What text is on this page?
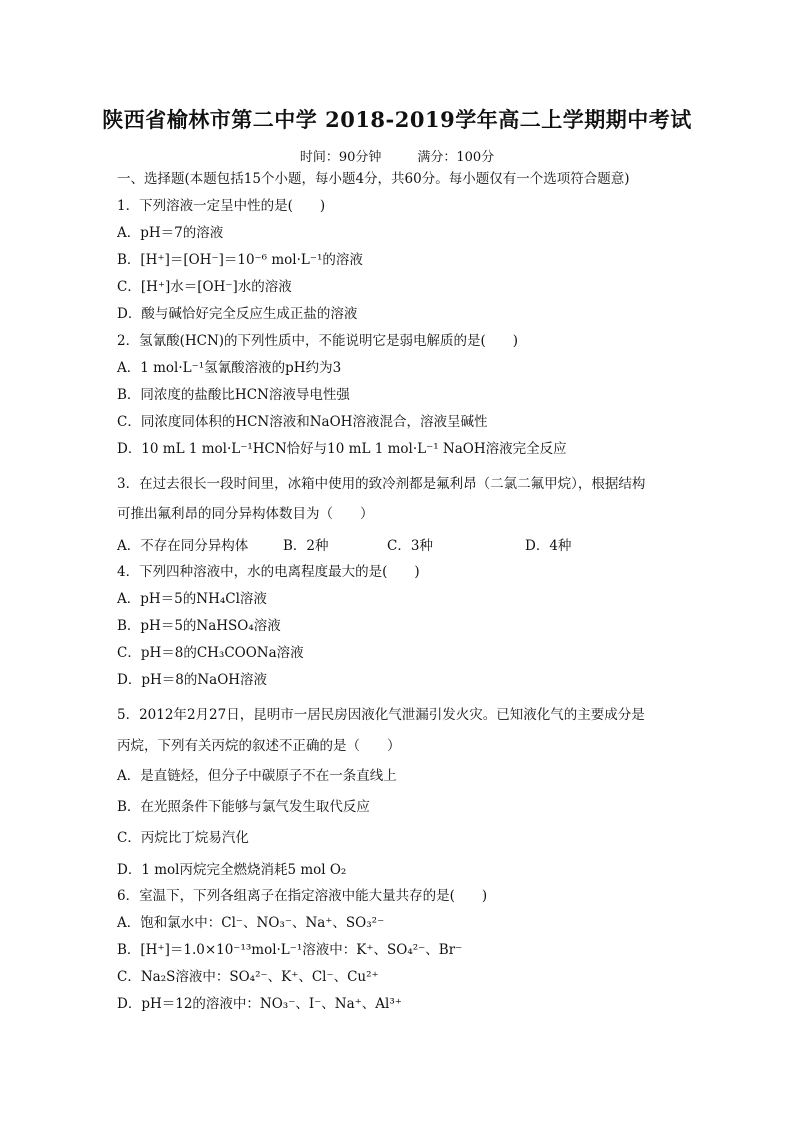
陕西省榆林市第二中学 2018-2019学年高二上学期期中考试
时间：90分钟	满分：100分
一、选择题(本题包括15个小题，每小题4分，共60分。每小题仅有一个选项符合题意)
1．下列溶液一定呈中性的是(　　)
A．pH＝7的溶液
B．[H⁺]＝[OH⁻]＝10⁻⁶ mol·L⁻¹的溶液
C．[H⁺]水＝[OH⁻]水的溶液
D．酸与碱恰好完全反应生成正盐的溶液
2．氢氰酸(HCN)的下列性质中，不能说明它是弱电解质的是(　　)
A．1 mol·L⁻¹氢氰酸溶液的pH约为3
B．同浓度的盐酸比HCN溶液导电性强
C．同浓度同体积的HCN溶液和NaOH溶液混合，溶液呈碱性
D．10 mL 1 mol·L⁻¹HCN恰好与10 mL 1 mol·L⁻¹ NaOH溶液完全反应
3．在过去很长一段时间里，冰箱中使用的致冷剂都是氟利昂（二氯二氟甲烷），根据结构
可推出氟利昂的同分异构体数目为（　　）
A．不存在同分异构体	B．2种	C．3种	D．4种
4．下列四种溶液中，水的电离程度最大的是(　　)
A．pH＝5的NH₄Cl溶液
B．pH＝5的NaHSO₄溶液
C．pH＝8的CH₃COONa溶液
D．pH＝8的NaOH溶液
5．2012年2月27日，昆明市一居民房因液化气泄漏引发火灾。已知液化气的主要成分是
丙烷，下列有关丙烷的叙述不正确的是（　　）
A．是直链烃，但分子中碳原子不在一条直线上
B．在光照条件下能够与氯气发生取代反应
C．丙烷比丁烷易汽化
D．1 mol丙烷完全燃烧消耗5 mol O₂
6．室温下，下列各组离子在指定溶液中能大量共存的是(　　)
A．饱和氯水中：Cl⁻、NO₃⁻、Na⁺、SO₃²⁻
B．[H⁺]＝1.0×10⁻¹³mol·L⁻¹溶液中：K⁺、SO₄²⁻、Br⁻
C．Na₂S溶液中：SO₄²⁻、K⁺、Cl⁻、Cu²⁺
D．pH＝12的溶液中：NO₃⁻、I⁻、Na⁺、Al³⁺
